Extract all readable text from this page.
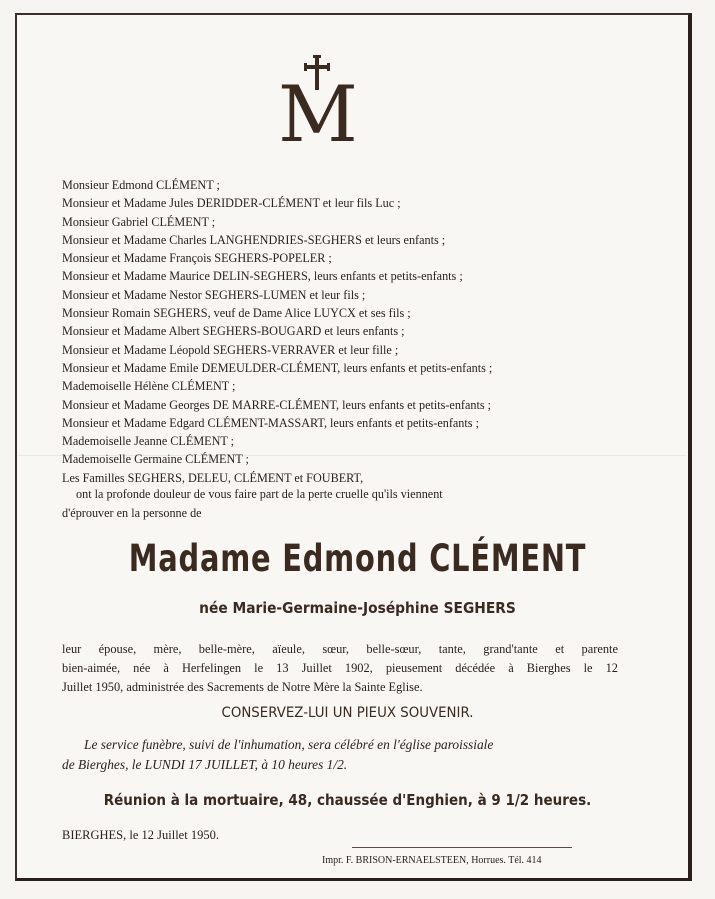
M
Monsieur Edmond CLÉMENT ;
Monsieur et Madame Jules DERIDDER-CLÉMENT et leur fils Luc ;
Monsieur Gabriel CLÉMENT ;
Monsieur et Madame Charles LANGHENDRIES-SEGHERS et leurs enfants ;
Monsieur et Madame François SEGHERS-POPELER ;
Monsieur et Madame Maurice DELIN-SEGHERS, leurs enfants et petits-enfants ;
Monsieur et Madame Nestor SEGHERS-LUMEN et leur fils ;
Monsieur Romain SEGHERS, veuf de Dame Alice LUYCX et ses fils ;
Monsieur et Madame Albert SEGHERS-BOUGARD et leurs enfants ;
Monsieur et Madame Léopold SEGHERS-VERRAVER et leur fille ;
Monsieur et Madame Emile DEMEULDER-CLÉMENT, leurs enfants et petits-enfants ;
Mademoiselle Hélène CLÉMENT ;
Monsieur et Madame Georges DE MARRE-CLÉMENT, leurs enfants et petits-enfants ;
Monsieur et Madame Edgard CLÉMENT-MASSART, leurs enfants et petits-enfants ;
Mademoiselle Jeanne CLÉMENT ;
Mademoiselle Germaine CLÉMENT ;
Les Familles SEGHERS, DELEU, CLÉMENT et FOUBERT,
ont la profonde douleur de vous faire part de la perte cruelle qu'ils viennent
d'éprouver en la personne de
Madame Edmond CLÉMENT
née Marie-Germaine-Joséphine SEGHERS
leur épouse, mère, belle-mère, aïeule, sœur, belle-sœur, tante, grand'tante et parente
bien-aimée, née à Herfelingen le 13 Juillet 1902, pieusement décédée à Bierghes le 12
Juillet 1950, administrée des Sacrements de Notre Mère la Sainte Eglise.
CONSERVEZ-LUI UN PIEUX SOUVENIR.
Le service funèbre, suivi de l'inhumation, sera célébré en l'église paroissiale
de Bierghes, le LUNDI 17 JUILLET, à 10 heures 1/2.
Réunion à la mortuaire, 48, chaussée d'Enghien, à 9 1/2 heures.
BIERGHES, le 12 Juillet 1950.
Impr. F. BRISON-ERNAELSTEEN, Horrues. Tél. 414
